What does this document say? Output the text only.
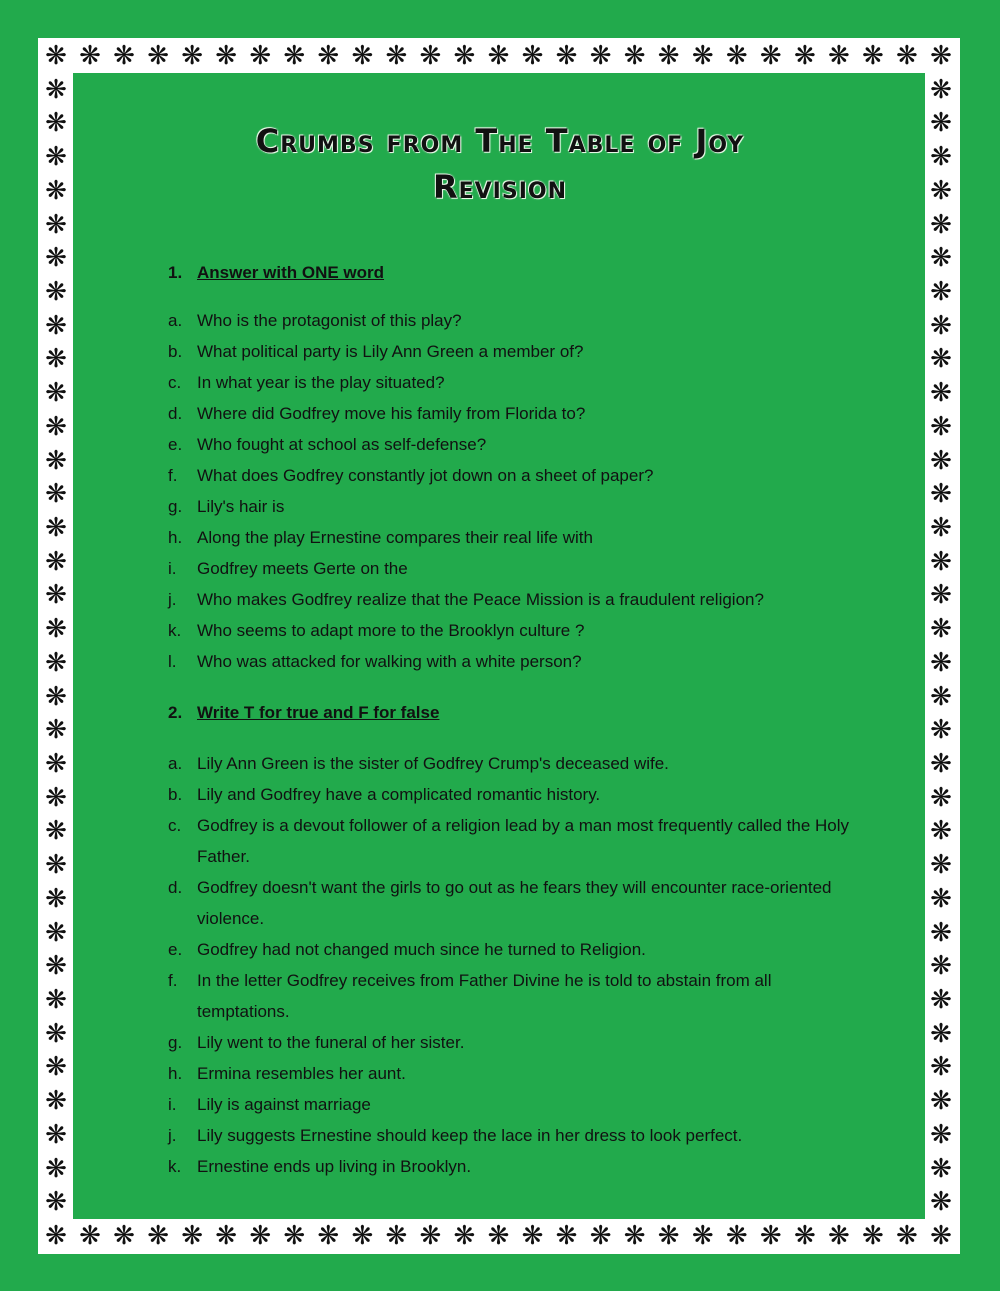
❋
❋
❋
❋
❋
❋
❋
❋
❋
❋
❋
❋
❋
❋
❋
❋
❋
❋
❋
❋
❋
❋
❋
❋
❋
❋
❋
❋
❋
❋
❋
❋
❋
❋
❋
❋
❋
❋
❋
❋
❋
❋
❋
❋
❋
❋
❋
❋
❋
❋
❋
❋
❋
❋
❋	❋
❋	❋
❋	❋
❋	❋
❋	❋
❋	❋
❋	❋
❋	❋
❋	❋
❋	❋
❋	❋
❋	❋
❋	❋
❋	❋
❋	❋
❋	❋
❋	❋
❋	❋
❋	❋
❋	❋
❋	❋
❋	❋
❋	❋
❋	❋
❋	❋
❋	❋
❋	❋
❋	❋
❋	❋
❋	❋
❋	❋
❋	❋
❋	❋
❋	❋
Crumbs from The Table of Joy
Revision
1. Answer with ONE word
a. Who is the protagonist of this play?
b. What political party is Lily Ann Green a member of?
c. In what year is the play situated?
d. Where did Godfrey move his family from Florida to?
e. Who fought at school as self-defense?
f.	What does Godfrey constantly jot down on a sheet of paper?
g. Lily's hair is
h. Along the play Ernestine compares their real life with
i.	Godfrey meets Gerte on the
j.	Who makes Godfrey realize that the Peace Mission is a fraudulent religion?
k. Who seems to adapt more to the Brooklyn culture ?
l.	Who was attacked for walking with a white person?
2. Write T for true and F for false
a. Lily Ann Green is the sister of Godfrey Crump's deceased wife.
b. Lily and Godfrey have a complicated romantic history.
c. Godfrey is a devout follower of a religion lead by a man most frequently called the Holy Father.
d. Godfrey doesn't want the girls to go out as he fears they will encounter race-oriented violence.
e. Godfrey had not changed much since he turned to Religion.
f.	In the letter Godfrey receives from Father Divine he is told to abstain from all temptations.
g. Lily went to the funeral of her sister.
h. Ermina resembles her aunt.
i.	Lily is against marriage
j.	Lily suggests Ernestine should keep the lace in her dress to look perfect.
k. Ernestine ends up living in Brooklyn.
